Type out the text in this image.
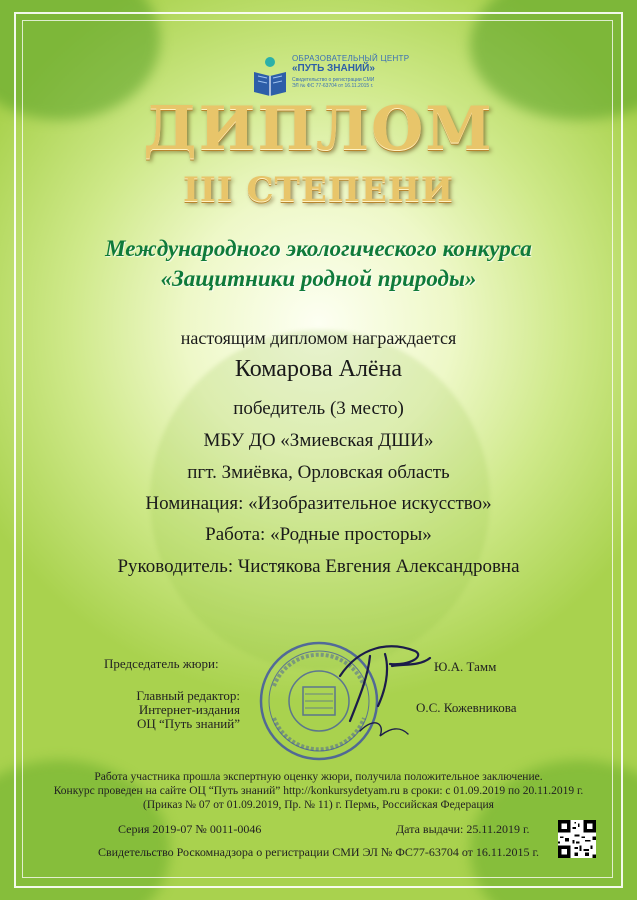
ОБРАЗОВАТЕЛЬНЫЙ ЦЕНТР
«ПУТЬ ЗНАНИЙ»
Свидетельство о регистрации СМИ
ЭЛ № ФС 77-63704 от 16.11.2015 г.
ДИПЛОМ
III СТЕПЕНИ
Международного экологического конкурса
«Защитники родной природы»
настоящим дипломом награждается
Комарова Алёна
победитель (3 место)
МБУ ДО «Змиевская ДШИ»
пгт. Змиёвка, Орловская область
Номинация: «Изобразительное искусство»
Работа: «Родные просторы»
Руководитель: Чистякова Евгения Александровна
Председатель жюри:
Главный редактор:
Интернет-издания
ОЦ “Путь знаний”
Ю.А. Тамм
О.С. Кожевникова
Работа участника прошла экспертную оценку жюри, получила положительное заключение.
Конкурс проведен на сайте ОЦ “Путь знаний” http://konkursydetyam.ru в сроки: с 01.09.2019 по 20.11.2019 г.
(Приказ № 07 от 01.09.2019, Пр. № 11) г. Пермь, Российская Федерация
Серия 2019-07 № 0011-0046	Дата выдачи: 25.11.2019 г.
Свидетельство Роскомнадзора о регистрации СМИ ЭЛ № ФС77-63704 от 16.11.2015 г.
